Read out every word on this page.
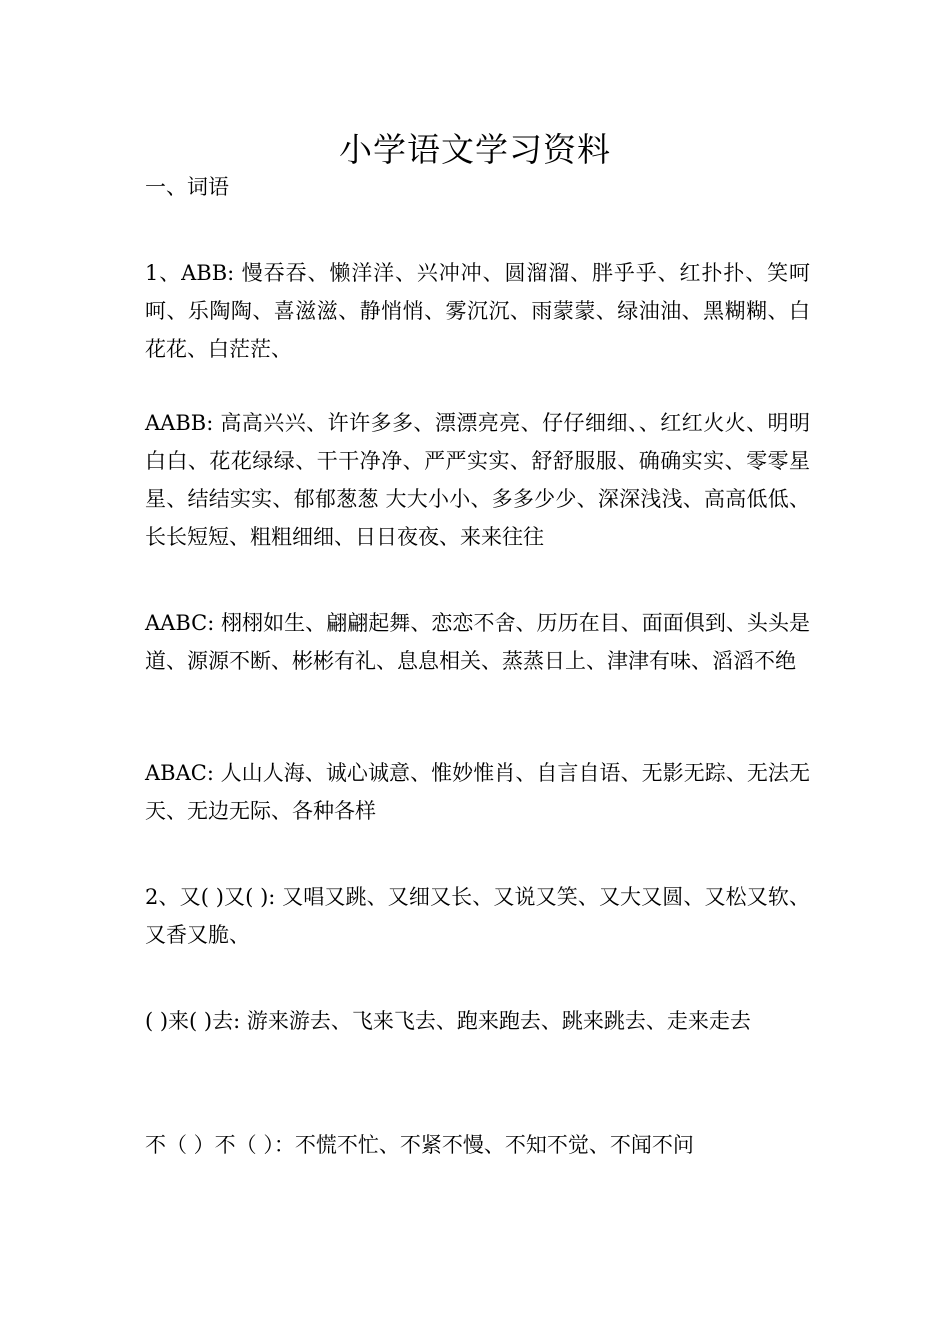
小学语文学习资料
一、词语
1、ABB: 慢吞吞、懒洋洋、兴冲冲、圆溜溜、胖乎乎、红扑扑、笑呵呵、乐陶陶、喜滋滋、静悄悄、雾沉沉、雨蒙蒙、绿油油、黑糊糊、白花花、白茫茫、
AABB: 高高兴兴、许许多多、漂漂亮亮、仔仔细细、、红红火火、明明白白、花花绿绿、干干净净、严严实实、舒舒服服、确确实实、零零星星、结结实实、郁郁葱葱 大大小小、多多少少、深深浅浅、高高低低、长长短短、粗粗细细、日日夜夜、来来往往
AABC: 栩栩如生、翩翩起舞、恋恋不舍、历历在目、面面俱到、头头是道、源源不断、彬彬有礼、息息相关、蒸蒸日上、津津有味、滔滔不绝
ABAC: 人山人海、诚心诚意、惟妙惟肖、自言自语、无影无踪、无法无天、无边无际、各种各样
2、又( )又( ): 又唱又跳、又细又长、又说又笑、又大又圆、又松又软、又香又脆、
( )来( )去: 游来游去、飞来飞去、跑来跑去、跳来跳去、走来走去
不（ ）不（ ）：不慌不忙、不紧不慢、不知不觉、不闻不问
